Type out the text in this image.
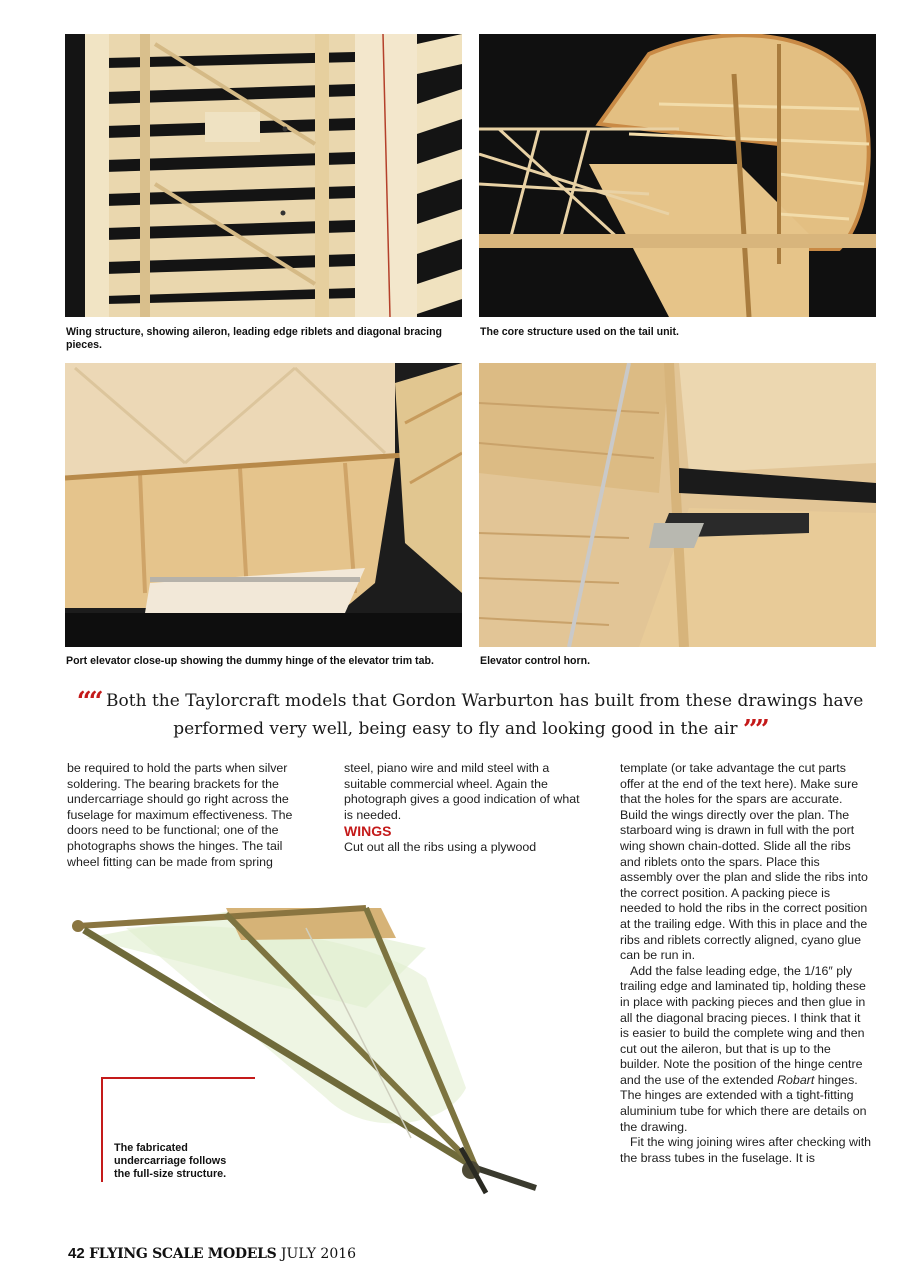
Wing structure, showing aileron, leading edge riblets and diagonal bracing pieces.
The core structure used on the tail unit.
Port elevator close-up showing the dummy hinge of the elevator trim tab.	Elevator control horn.
““ Both the Taylorcraft models that Gordon Warburton has built from these drawings have performed very well, being easy to fly and looking good in the air ””

be required to hold the parts when silver soldering. The bearing brackets for the undercarriage should go right across the fuselage for maximum effectiveness. The doors need to be functional; one of the photographs shows the hinges. The tail wheel fitting can be made from spring

steel, piano wire and mild steel with a suitable commercial wheel. Again the photograph gives a good indication of what is needed.

WINGS

Cut out all the ribs using a plywood

template (or take advantage the cut parts offer at the end of the text here). Make sure that the holes for the spars are accurate.

Build the wings directly over the plan. The starboard wing is drawn in full with the port wing shown chain-dotted. Slide all the ribs and riblets onto the spars. Place this assembly over the plan and slide the ribs into the correct position. A packing piece is needed to hold the ribs in the correct position at the trailing edge. With this in place and the ribs and riblets correctly aligned, cyano glue can be run in.

Add the false leading edge, the 1/16″ ply trailing edge and laminated tip, holding these in place with packing pieces and then glue in all the diagonal bracing pieces. I think that it is easier to build the complete wing and then cut out the aileron, but that is up to the builder. Note the position of the hinge centre and the use of the extended Robart hinges. The hinges are extended with a tight-fitting aluminium tube for which there are details on the drawing.

Fit the wing joining wires after checking with the brass tubes in the fuselage. It is

The fabricated undercarriage follows the full-size structure.
42 FLYING SCALE MODELS JULY 2016
